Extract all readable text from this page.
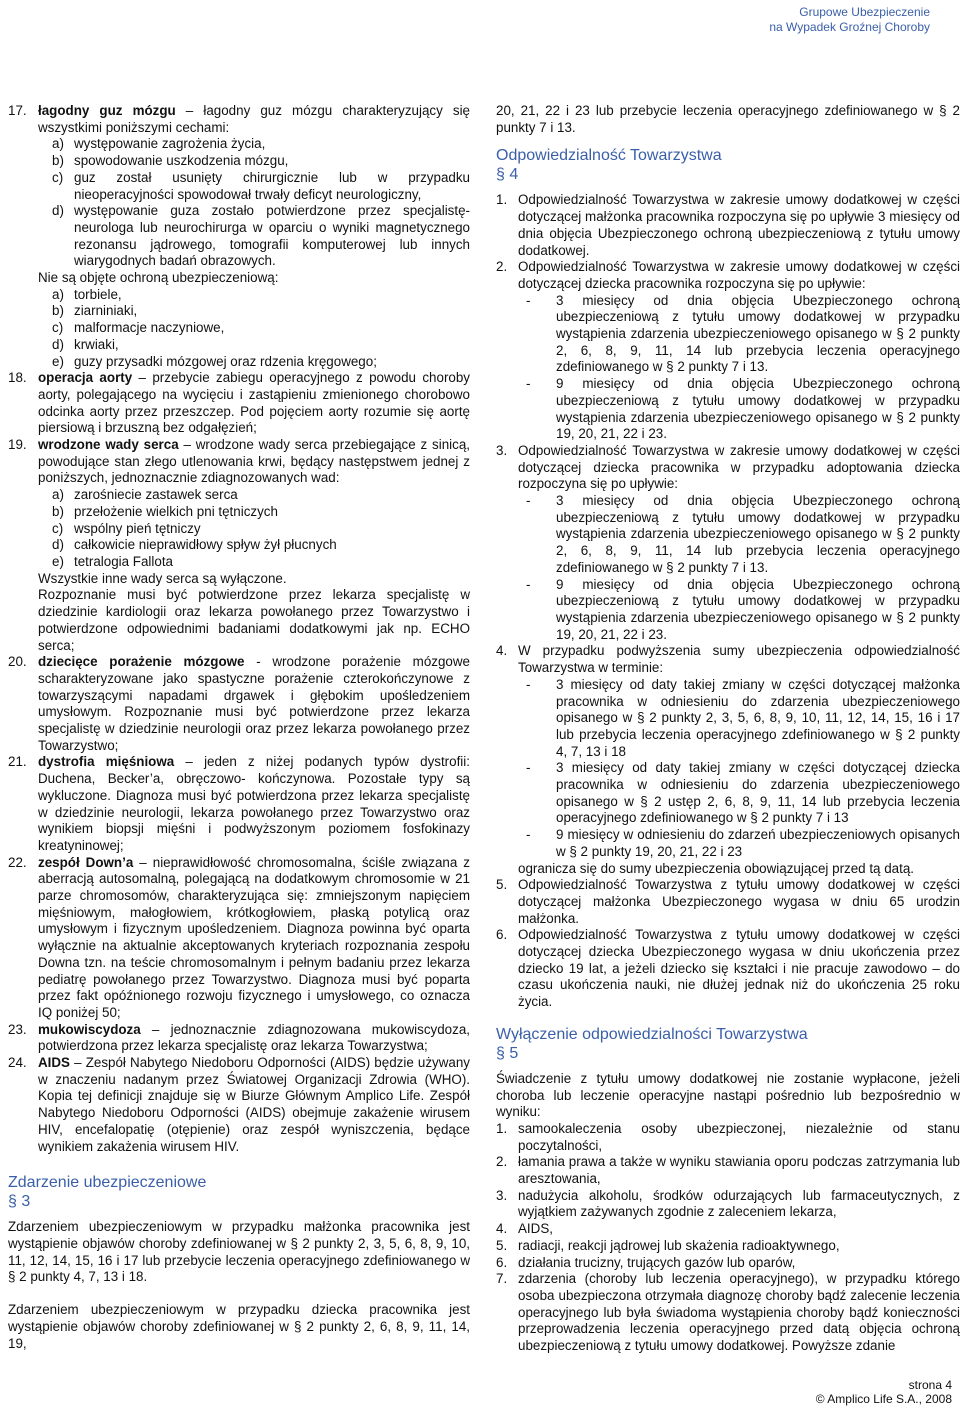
Grupowe Ubezpieczenie
na Wypadek Groźnej Choroby
17. łagodny guz mózgu – łagodny guz mózgu charakteryzujący się wszystkimi poniższymi cechami:
a) występowanie zagrożenia życia,
b) spowodowanie uszkodzenia mózgu,
c) guz został usunięty chirurgicznie lub w przypadku nieoperacyjności spowodował trwały deficyt neurologiczny,
d) występowanie guza zostało potwierdzone przez specjalistę-neurologa lub neurochirurga w oparciu o wyniki magnetycznego rezonansu jądrowego, tomografii komputerowej lub innych wiarygodnych badań obrazowych.
Nie są objęte ochroną ubezpieczeniową:
a) torbiele,
b) ziarniniaki,
c) malformacje naczyniowe,
d) krwiaki,
e) guzy przysadki mózgowej oraz rdzenia kręgowego;
18. operacja aorty – przebycie zabiegu operacyjnego z powodu choroby aorty, polegającego na wycięciu i zastąpieniu zmienionego chorobowo odcinka aorty przez przeszczep. Pod pojęciem aorty rozumie się aortę piersiową i brzuszną bez odgałęzień;
19. wrodzone wady serca – wrodzone wady serca przebiegające z sinicą, powodujące stan złego utlenowania krwi, będący następstwem jednej z poniższych, jednoznacznie zdiagnozowanych wad:
a) zarośniecie zastawek serca
b) przełożenie wielkich pni tętniczych
c) wspólny pień tętniczy
d) całkowicie nieprawidłowy spływ żył płucnych
e) tetralogia Fallota
Wszystkie inne wady serca są wyłączone.
Rozpoznanie musi być potwierdzone przez lekarza specjalistę w dziedzinie kardiologii oraz lekarza powołanego przez Towarzystwo i potwierdzone odpowiednimi badaniami dodatkowymi jak np. ECHO serca;
20. dziecięce porażenie mózgowe - wrodzone porażenie mózgowe scharakteryzowane jako spastyczne porażenie czterokończynowe z towarzyszącymi napadami drgawek i głębokim upośledzeniem umysłowym. Rozpoznanie musi być potwierdzone przez lekarza specjalistę w dziedzinie neurologii oraz przez lekarza powołanego przez Towarzystwo;
21. dystrofia mięśniowa – jeden z niżej podanych typów dystrofii: Duchena, Becker’a, obręczowo- kończynowa. Pozostałe typy są wykluczone. Diagnoza musi być potwierdzona przez lekarza specjalistę w dziedzinie neurologii, lekarza powołanego przez Towarzystwo oraz wynikiem biopsji mięśni i podwyższonym poziomem fosfokinazy kreatyninowej;
22. zespół Down’a – nieprawidłowość chromosomalna, ściśle związana z aberracją autosomalną, polegającą na dodatkowym chromosomie w 21 parze chromosomów, charakteryzująca się: zmniejszonym napięciem mięśniowym, małogłowiem, krótkogłowiem, płaską potylicą oraz umysłowym i fizycznym upośledzeniem. Diagnoza powinna być oparta wyłącznie na aktualnie akceptowanych kryteriach rozpoznania zespołu Downa tzn. na teście chromosomalnym i pełnym badaniu przez lekarza pediatrę powołanego przez Towarzystwo. Diagnoza musi być poparta przez fakt opóźnionego rozwoju fizycznego i umysłowego, co oznacza IQ poniżej 50;
23. mukowiscydoza – jednoznacznie zdiagnozowana mukowiscydoza, potwierdzona przez lekarza specjalistę oraz lekarza Towarzystwa;
24. AIDS – Zespół Nabytego Niedoboru Odporności (AIDS) będzie używany w znaczeniu nadanym przez Światowej Organizacji Zdrowia (WHO). Kopia tej definicji znajduje się w Biurze Głównym Amplico Life. Zespół Nabytego Niedoboru Odporności (AIDS) obejmuje zakażenie wirusem HIV, encefalopatię (otępienie) oraz zespół wyniszczenia, będące wynikiem zakażenia wirusem HIV.
Zdarzenie ubezpieczeniowe
§ 3
Zdarzeniem ubezpieczeniowym w przypadku małżonka pracownika jest wystąpienie objawów choroby zdefiniowanej w § 2 punkty 2, 3, 5, 6, 8, 9, 10, 11, 12, 14, 15, 16 i 17 lub przebycie leczenia operacyjnego zdefiniowanego w § 2 punkty 4, 7, 13 i 18.
Zdarzeniem ubezpieczeniowym w przypadku dziecka pracownika jest wystąpienie objawów choroby zdefiniowanej w § 2 punkty 2, 6, 8, 9, 11, 14, 19,
20, 21, 22 i 23 lub przebycie leczenia operacyjnego zdefiniowanego w § 2 punkty 7 i 13.
Odpowiedzialność Towarzystwa
§ 4
1. Odpowiedzialność Towarzystwa w zakresie umowy dodatkowej w części dotyczącej małżonka pracownika rozpoczyna się po upływie 3 miesięcy od dnia objęcia Ubezpieczonego ochroną ubezpieczeniową z tytułu umowy dodatkowej.
2. Odpowiedzialność Towarzystwa w zakresie umowy dodatkowej w części dotyczącej dziecka pracownika rozpoczyna się po upływie:
- 3 miesięcy od dnia objęcia Ubezpieczonego ochroną ubezpieczeniową z tytułu umowy dodatkowej w przypadku wystąpienia zdarzenia ubezpieczeniowego opisanego w § 2 punkty 2, 6, 8, 9, 11, 14 lub przebycia leczenia operacyjnego zdefiniowanego w § 2 punkty 7 i 13.
- 9 miesięcy od dnia objęcia Ubezpieczonego ochroną ubezpieczeniową z tytułu umowy dodatkowej w przypadku wystąpienia zdarzenia ubezpieczeniowego opisanego w § 2 punkty 19, 20, 21, 22 i 23.
3. Odpowiedzialność Towarzystwa w zakresie umowy dodatkowej w części dotyczącej dziecka pracownika w przypadku adoptowania dziecka rozpoczyna się po upływie:
- 3 miesięcy od dnia objęcia Ubezpieczonego ochroną ubezpieczeniową z tytułu umowy dodatkowej w przypadku wystąpienia zdarzenia ubezpieczeniowego opisanego w § 2 punkty 2, 6, 8, 9, 11, 14 lub przebycia leczenia operacyjnego zdefiniowanego w § 2 punkty 7 i 13.
- 9 miesięcy od dnia objęcia Ubezpieczonego ochroną ubezpieczeniową z tytułu umowy dodatkowej w przypadku wystąpienia zdarzenia ubezpieczeniowego opisanego w § 2 punkty 19, 20, 21, 22 i 23.
4. W przypadku podwyższenia sumy ubezpieczenia odpowiedzialność Towarzystwa w terminie:
- 3 miesięcy od daty takiej zmiany w części dotyczącej małżonka pracownika w odniesieniu do zdarzenia ubezpieczeniowego opisanego w § 2 punkty 2, 3, 5, 6, 8, 9, 10, 11, 12, 14, 15, 16 i 17 lub przebycia leczenia operacyjnego zdefiniowanego w § 2 punkty 4, 7, 13 i 18
- 3 miesięcy od daty takiej zmiany w części dotyczącej dziecka pracownika w odniesieniu do zdarzenia ubezpieczeniowego opisanego w § 2 ustęp 2, 6, 8, 9, 11, 14 lub przebycia leczenia operacyjnego zdefiniowanego w § 2 punkty 7 i 13
- 9 miesięcy w odniesieniu do zdarzeń ubezpieczeniowych opisanych w § 2 punkty 19, 20, 21, 22 i 23
ogranicza się do sumy ubezpieczenia obowiązującej przed tą datą.
5. Odpowiedzialność Towarzystwa z tytułu umowy dodatkowej w części dotyczącej małżonka Ubezpieczonego wygasa w dniu 65 urodzin małżonka.
6. Odpowiedzialność Towarzystwa z tytułu umowy dodatkowej w części dotyczącej dziecka Ubezpieczonego wygasa w dniu ukończenia przez dziecko 19 lat, a jeżeli dziecko się kształci i nie pracuje zawodowo – do czasu ukończenia nauki, nie dłużej jednak niż do ukończenia 25 roku życia.
Wyłączenie odpowiedzialności Towarzystwa
§ 5
Świadczenie z tytułu umowy dodatkowej nie zostanie wypłacone, jeżeli choroba lub leczenie operacyjne nastąpi pośrednio lub bezpośrednio w wyniku:
1. samookaleczenia osoby ubezpieczonej, niezależnie od stanu poczytalności,
2. łamania prawa a także w wyniku stawiania oporu podczas zatrzymania lub aresztowania,
3. nadużycia alkoholu, środków odurzających lub farmaceutycznych, z wyjątkiem zażywanych zgodnie z zaleceniem lekarza,
4. AIDS,
5. radiacji, reakcji jądrowej lub skażenia radioaktywnego,
6. działania trucizny, trujących gazów lub oparów,
7. zdarzenia (choroby lub leczenia operacyjnego), w przypadku którego osoba ubezpieczona otrzymała diagnozę choroby bądź zalecenie leczenia operacyjnego lub była świadoma wystąpienia choroby bądź konieczności przeprowadzenia leczenia operacyjnego przed datą objęcia ochroną ubezpieczeniową z tytułu umowy dodatkowej. Powyższe zdanie
strona 4
© Amplico Life S.A., 2008
